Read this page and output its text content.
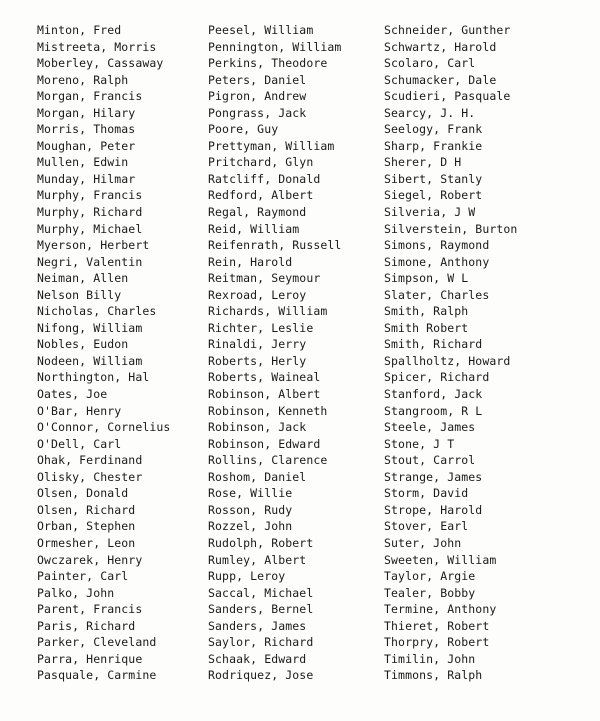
Minton, Fred
Mistreeta, Morris
Moberley, Cassaway
Moreno, Ralph
Morgan, Francis
Morgan, Hilary
Morris, Thomas
Moughan, Peter
Mullen, Edwin
Munday, Hilmar
Murphy, Francis
Murphy, Richard
Murphy, Michael
Myerson, Herbert
Negri, Valentin
Neiman, Allen
Nelson Billy
Nicholas, Charles
Nifong, William
Nobles, Eudon
Nodeen, William
Northington, Hal
Oates, Joe
O'Bar, Henry
O'Connor, Cornelius
O'Dell, Carl
Ohak, Ferdinand
Olisky, Chester
Olsen, Donald
Olsen, Richard
Orban, Stephen
Ormesher, Leon
Owczarek, Henry
Painter, Carl
Palko, John
Parent, Francis
Paris, Richard
Parker, Cleveland
Parra, Henrique
Pasquale, Carmine
Peesel, William
Pennington, William
Perkins, Theodore
Peters, Daniel
Pigron, Andrew
Pongrass, Jack
Poore, Guy
Prettyman, William
Pritchard, Glyn
Ratcliff, Donald
Redford, Albert
Regal, Raymond
Reid, William
Reifenrath, Russell
Rein, Harold
Reitman, Seymour
Rexroad, Leroy
Richards, William
Richter, Leslie
Rinaldi, Jerry
Roberts, Herly
Roberts, Waineal
Robinson, Albert
Robinson, Kenneth
Robinson, Jack
Robinson, Edward
Rollins, Clarence
Roshom, Daniel
Rose, Willie
Rosson, Rudy
Rozzel, John
Rudolph, Robert
Rumley, Albert
Rupp, Leroy
Saccal, Michael
Sanders, Bernel
Sanders, James
Saylor, Richard
Schaak, Edward
Rodriquez, Jose
Schneider, Gunther
Schwartz, Harold
Scolaro, Carl
Schumacker, Dale
Scudieri, Pasquale
Searcy, J. H.
Seelogy, Frank
Sharp, Frankie
Sherer, D H
Sibert, Stanly
Siegel, Robert
Silveria, J W
Silverstein, Burton
Simons, Raymond
Simone, Anthony
Simpson, W L
Slater, Charles
Smith, Ralph
Smith Robert
Smith, Richard
Spallholtz, Howard
Spicer, Richard
Stanford, Jack
Stangroom, R L
Steele, James
Stone, J T
Stout, Carrol
Strange, James
Storm, David
Strope, Harold
Stover, Earl
Suter, John
Sweeten, William
Taylor, Argie
Tealer, Bobby
Termine, Anthony
Thieret, Robert
Thorpry, Robert
Timilin, John
Timmons, Ralph
